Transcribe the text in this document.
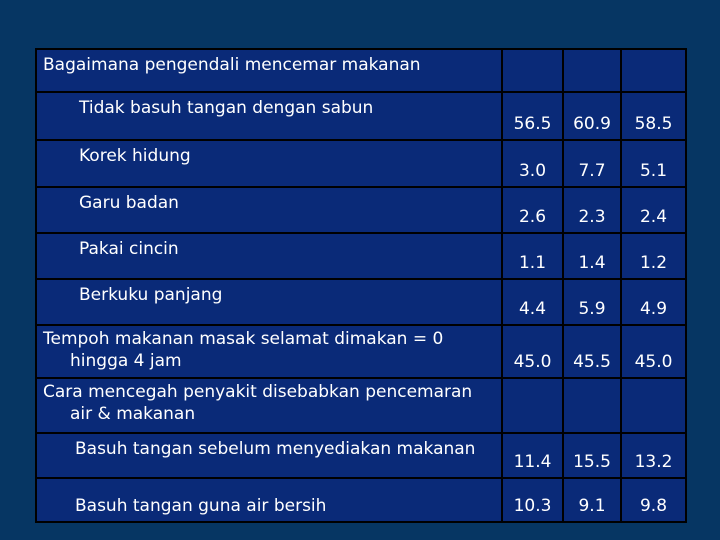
Bagaimana pengendali mencemar makanan			

Tidak basuh tangan dengan sabun	56.5	60.9	58.5

Korek hidung	3.0	7.7	5.1

Garu badan	2.6	2.3	2.4

Pakai cincin	1.1	1.4	1.2

Berkuku panjang	4.4	5.9	4.9

Tempoh makanan masak selamat dimakan = 0 hingga 4 jam	45.0	45.5	45.0

Cara mencegah penyakit disebabkan pencemaran air & makanan			

Basuh tangan sebelum menyediakan makanan	11.4	15.5	13.2

Basuh tangan guna air bersih	10.3	9.1	9.8
